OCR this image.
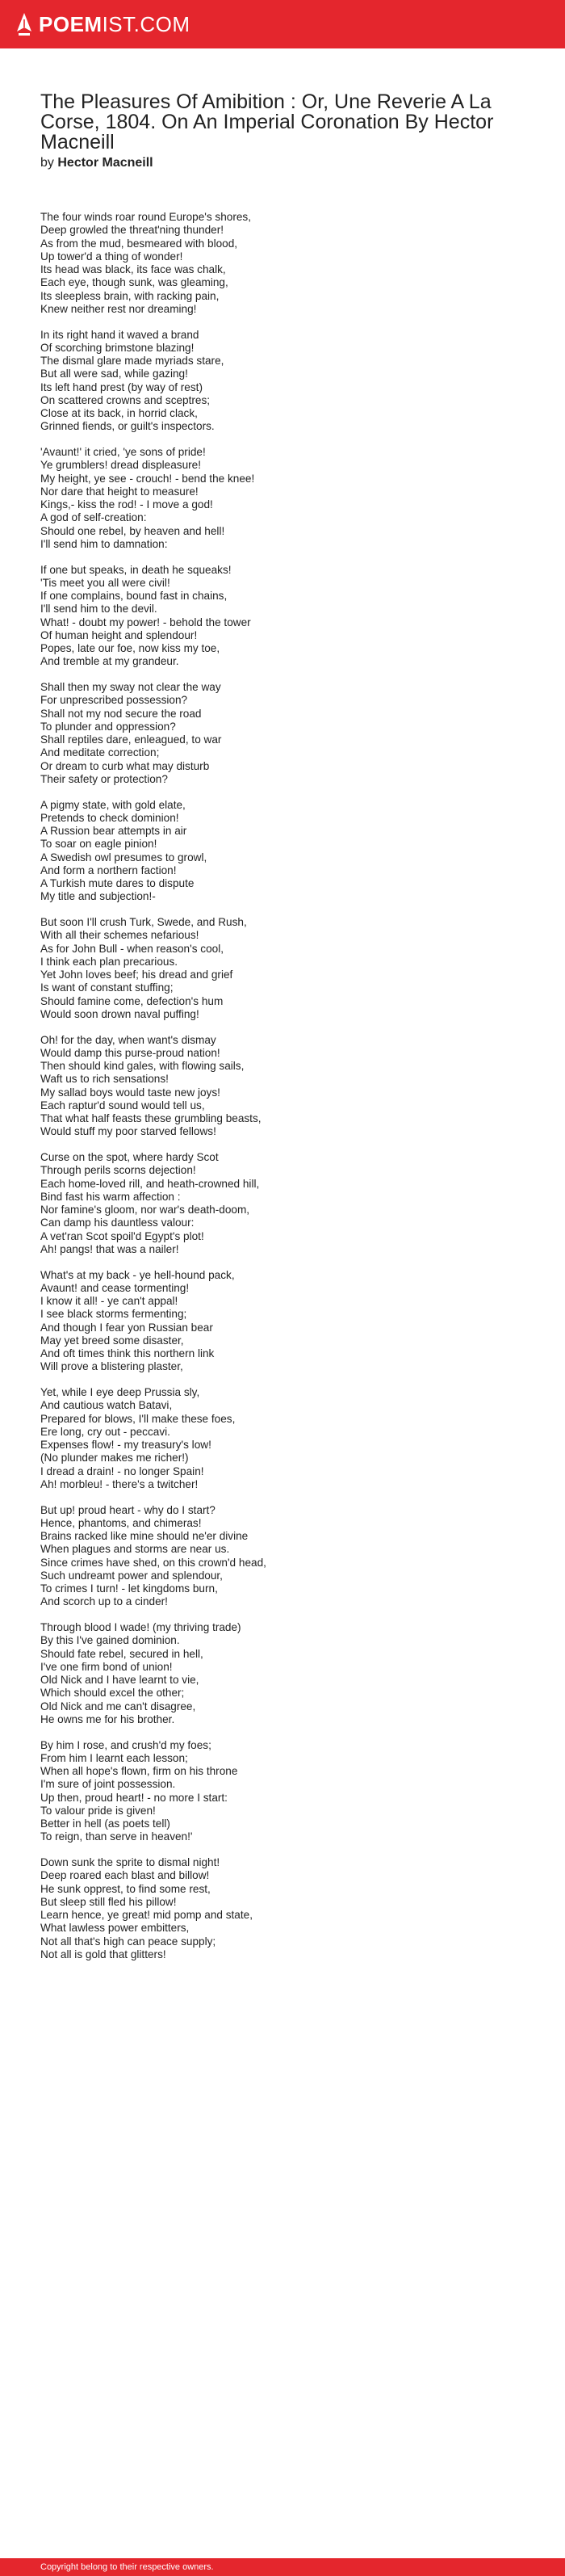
POEMIST.COM
The Pleasures Of Amibition : Or, Une Reverie A La Corse, 1804. On An Imperial Coronation By Hector Macneill
by Hector Macneill

The four winds roar round Europe's shores,
Deep growled the threat'ning thunder!
As from the mud, besmeared with blood,
Up tower'd a thing of wonder!
Its head was black, its face was chalk,
Each eye, though sunk, was gleaming,
Its sleepless brain, with racking pain,
Knew neither rest nor dreaming!

In its right hand it waved a brand
Of scorching brimstone blazing!
The dismal glare made myriads stare,
But all were sad, while gazing!
Its left hand prest (by way of rest)
On scattered crowns and sceptres;
Close at its back, in horrid clack,
Grinned fiends, or guilt's inspectors.

'Avaunt!' it cried, 'ye sons of pride!
Ye grumblers! dread displeasure!
My height, ye see - crouch! - bend the knee!
Nor dare that height to measure!
Kings,- kiss the rod! - I move a god!
A god of self-creation:
Should one rebel, by heaven and hell!
I'll send him to damnation:

If one but speaks, in death he squeaks!
'Tis meet you all were civil!
If one complains, bound fast in chains,
I'll send him to the devil.
What! - doubt my power! - behold the tower
Of human height and splendour!
Popes, late our foe, now kiss my toe,
And tremble at my grandeur.

Shall then my sway not clear the way
For unprescribed possession?
Shall not my nod secure the road
To plunder and oppression?
Shall reptiles dare, enleagued, to war
And meditate correction;
Or dream to curb what may disturb
Their safety or protection?

A pigmy state, with gold elate,
Pretends to check dominion!
A Russion bear attempts in air
To soar on eagle pinion!
A Swedish owl presumes to growl,
And form a northern faction!
A Turkish mute dares to dispute
My title and subjection!-

But soon I'll crush Turk, Swede, and Rush,
With all their schemes nefarious!
As for John Bull - when reason's cool,
I think each plan precarious.
Yet John loves beef; his dread and grief
Is want of constant stuffing;
Should famine come, defection's hum
Would soon drown naval puffing!

Oh! for the day, when want's dismay
Would damp this purse-proud nation!
Then should kind gales, with flowing sails,
Waft us to rich sensations!
My sallad boys would taste new joys!
Each raptur'd sound would tell us,
That what half feasts these grumbling beasts,
Would stuff my poor starved fellows!

Curse on the spot, where hardy Scot
Through perils scorns dejection!
Each home-loved rill, and heath-crowned hill,
Bind fast his warm affection :
Nor famine's gloom, nor war's death-doom,
Can damp his dauntless valour:
A vet'ran Scot spoil'd Egypt's plot!
Ah! pangs! that was a nailer!

What's at my back - ye hell-hound pack,
Avaunt! and cease tormenting!
I know it all! - ye can't appal!
I see black storms fermenting;
And though I fear yon Russian bear
May yet breed some disaster,
And oft times think this northern link
Will prove a blistering plaster,

Yet, while I eye deep Prussia sly,
And cautious watch Batavi,
Prepared for blows, I'll make these foes,
Ere long, cry out - peccavi.
Expenses flow! - my treasury's low!
(No plunder makes me richer!)
I dread a drain! - no longer Spain!
Ah! morbleu! - there's a twitcher!

But up! proud heart - why do I start?
Hence, phantoms, and chimeras!
Brains racked like mine should ne'er divine
When plagues and storms are near us.
Since crimes have shed, on this crown'd head,
Such undreamt power and splendour,
To crimes I turn! - let kingdoms burn,
And scorch up to a cinder!

Through blood I wade! (my thriving trade)
By this I've gained dominion.
Should fate rebel, secured in hell,
I've one firm bond of union!
Old Nick and I have learnt to vie,
Which should excel the other;
Old Nick and me can't disagree,
He owns me for his brother.

By him I rose, and crush'd my foes;
From him I learnt each lesson;
When all hope's flown, firm on his throne
I'm sure of joint possession.
Up then, proud heart! - no more I start:
To valour pride is given!
Better in hell (as poets tell)
To reign, than serve in heaven!'

Down sunk the sprite to dismal night!
Deep roared each blast and billow!
He sunk opprest, to find some rest,
But sleep still fled his pillow!
Learn hence, ye great! mid pomp and state,
What lawless power embitters,
Not all that's high can peace supply;
Not all is gold that glitters!

Copyright belong to their respective owners.
